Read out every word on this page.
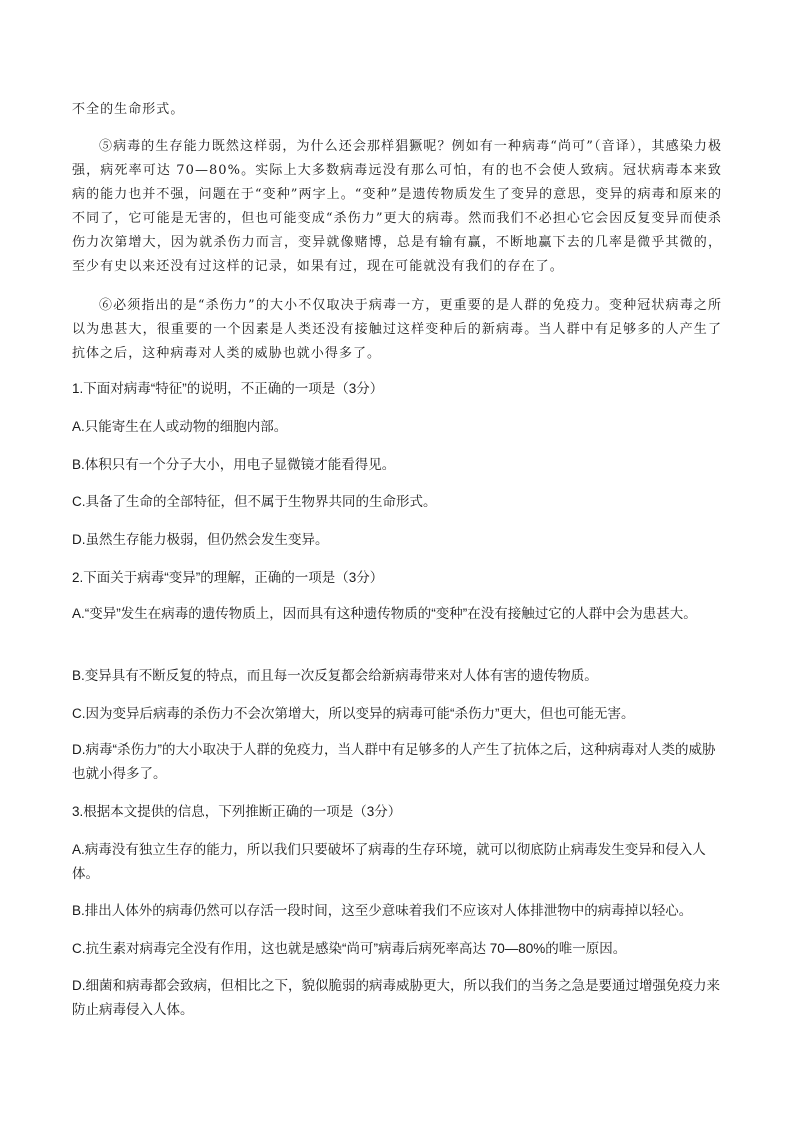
不全的生命形式。

⑤病毒的生存能力既然这样弱，为什么还会那样猖獗呢？例如有一种病毒“尚可”（音译），其感染力极强，病死率可达 70—80%。实际上大多数病毒远没有那么可怕，有的也不会使人致病。冠状病毒本来致病的能力也并不强，问题在于“变种”两字上。“变种”是遗传物质发生了变异的意思，变异的病毒和原来的不同了，它可能是无害的，但也可能变成“杀伤力”更大的病毒。然而我们不必担心它会因反复变异而使杀伤力次第增大，因为就杀伤力而言，变异就像赌博，总是有输有赢，不断地赢下去的几率是微乎其微的，至少有史以来还没有过这样的记录，如果有过，现在可能就没有我们的存在了。

⑥必须指出的是“杀伤力”的大小不仅取决于病毒一方，更重要的是人群的免疫力。变种冠状病毒之所以为患甚大，很重要的一个因素是人类还没有接触过这样变种后的新病毒。当人群中有足够多的人产生了抗体之后，这种病毒对人类的威胁也就小得多了。

1.下面对病毒“特征”的说明，不正确的一项是（3分）

A.只能寄生在人或动物的细胞内部。

B.体积只有一个分子大小，用电子显微镜才能看得见。

C.具备了生命的全部特征，但不属于生物界共同的生命形式。

D.虽然生存能力极弱，但仍然会发生变异。

2.下面关于病毒“变异”的理解，正确的一项是（3分）

A.“变异”发生在病毒的遗传物质上，因而具有这种遗传物质的“变种”在没有接触过它的人群中会为患甚大。

B.变异具有不断反复的特点，而且每一次反复都会给新病毒带来对人体有害的遗传物质。

C.因为变异后病毒的杀伤力不会次第增大，所以变异的病毒可能“杀伤力”更大，但也可能无害。

D.病毒“杀伤力”的大小取决于人群的免疫力，当人群中有足够多的人产生了抗体之后，这种病毒对人类的威胁也就小得多了。

3.根据本文提供的信息，下列推断正确的一项是（3分）

A.病毒没有独立生存的能力，所以我们只要破坏了病毒的生存环境，就可以彻底防止病毒发生变异和侵入人体。

B.排出人体外的病毒仍然可以存活一段时间，这至少意味着我们不应该对人体排泄物中的病毒掉以轻心。

C.抗生素对病毒完全没有作用，这也就是感染“尚可”病毒后病死率高达 70—80%的唯一原因。

D.细菌和病毒都会致病，但相比之下，貌似脆弱的病毒威胁更大，所以我们的当务之急是要通过增强免疫力来防止病毒侵入人体。
